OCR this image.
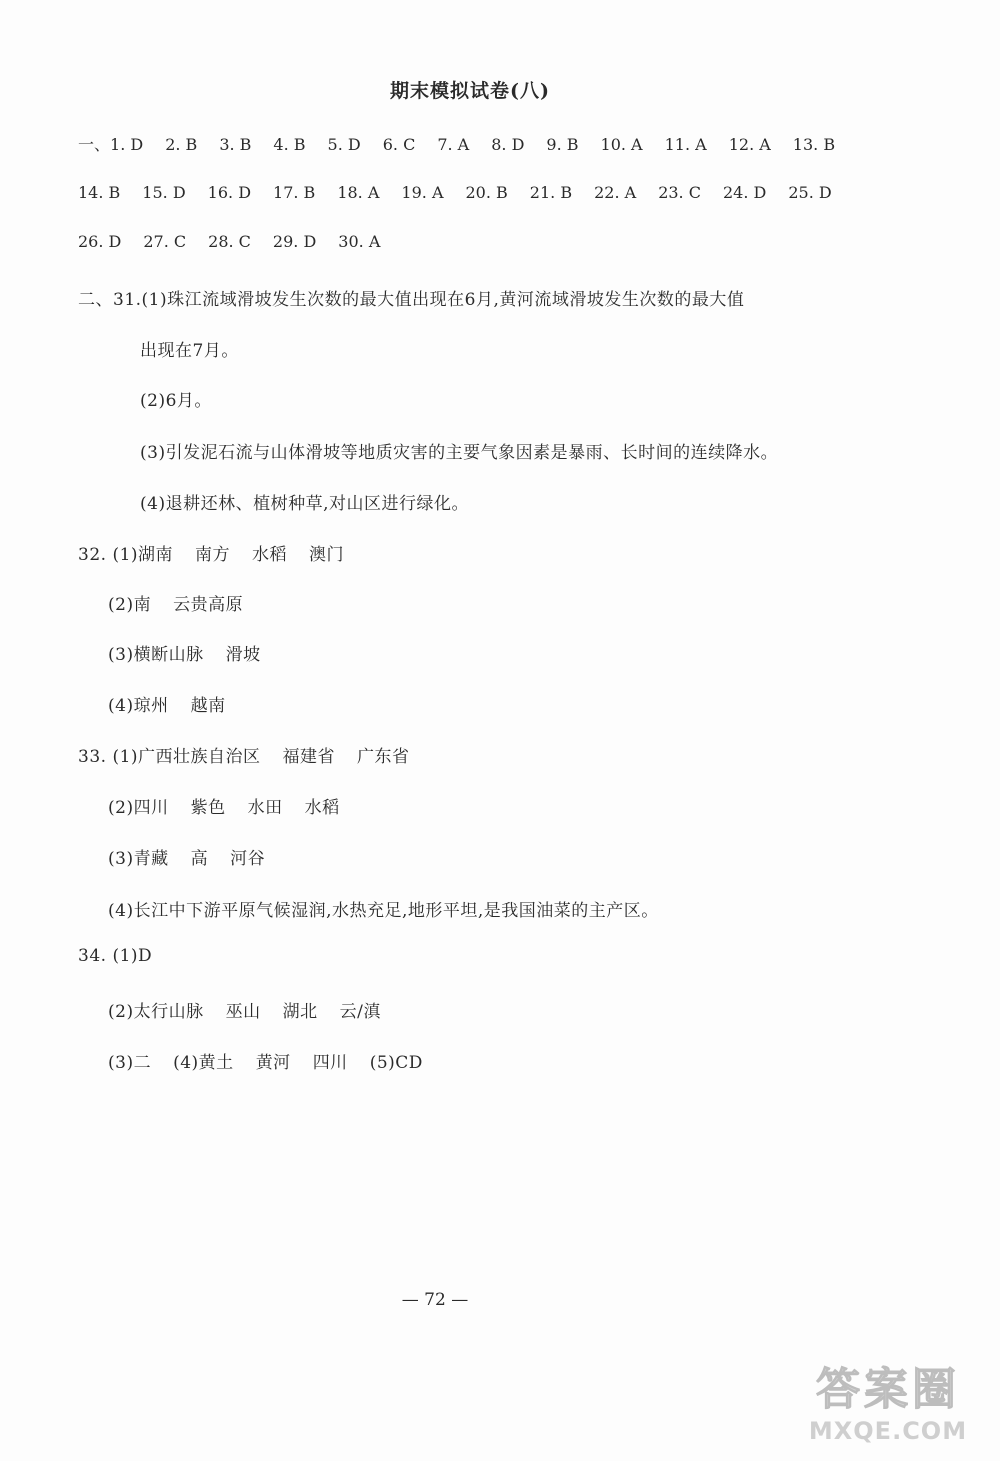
期末模拟试卷(八)
一、1. D 2. B 3. B 4. B 5. D 6. C 7. A 8. D 9. B 10. A 11. A 12. A 13. B
14. B 15. D 16. D 17. B 18. A 19. A 20. B 21. B 22. A 23. C 24. D 25. D
26. D 27. C 28. C 29. D 30. A
二、31.(1)珠江流域滑坡发生次数的最大值出现在6月,黄河流域滑坡发生次数的最大值
出现在7月。
(2)6月。
(3)引发泥石流与山体滑坡等地质灾害的主要气象因素是暴雨、长时间的连续降水。
(4)退耕还林、植树种草,对山区进行绿化。
32. (1)湖南 南方 水稻 澳门
(2)南 云贵高原
(3)横断山脉 滑坡
(4)琼州 越南
33. (1)广西壮族自治区 福建省 广东省
(2)四川 紫色 水田 水稻
(3)青藏 高 河谷
(4)长江中下游平原气候湿润,水热充足,地形平坦,是我国油菜的主产区。
34. (1)D
(2)太行山脉 巫山 湖北 云/滇
(3)二 (4)黄土 黄河 四川 (5)CD
— 72 —
答案圈
MXQE.COM
